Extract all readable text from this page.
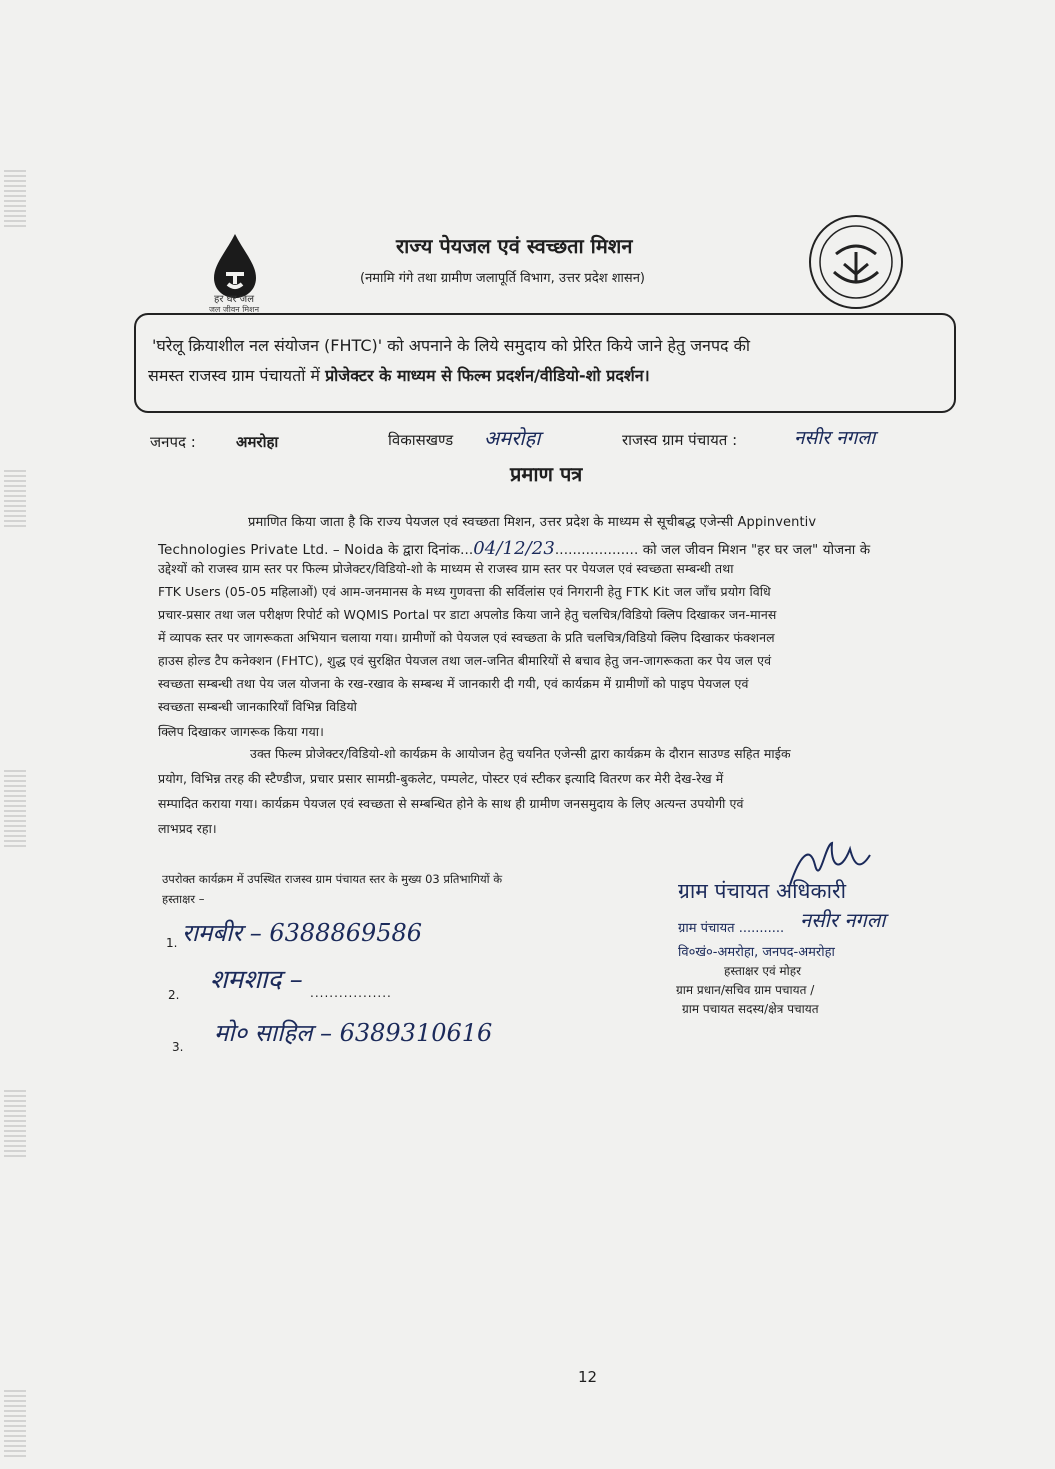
हर घर जल
जल जीवन मिशन
राज्य पेयजल एवं स्वच्छता मिशन
(नमामि गंगे तथा ग्रामीण जलापूर्ति विभाग, उत्तर प्रदेश शासन)
'घरेलू क्रियाशील नल संयोजन (FHTC)' को अपनाने के लिये समुदाय को प्रेरित किये जाने हेतु जनपद की
समस्त राजस्व ग्राम पंचायतों में प्रोजेक्टर के माध्यम से फिल्म प्रदर्शन/वीडियो-शो प्रदर्शन।
जनपद :	अमरोहा	विकासखण्ड अमरोहा	राजस्व ग्राम पंचायत :	नसीर नगला
प्रमाण पत्र
प्रमाणित किया जाता है कि राज्य पेयजल एवं स्वच्छता मिशन, उत्तर प्रदेश के माध्यम से सूचीबद्ध एजेन्सी Appinventiv
Technologies Private Ltd. – Noida के द्वारा दिनांक...04/12/23................... को जल जीवन मिशन "हर घर जल" योजना के
उद्देश्यों को राजस्व ग्राम स्तर पर फिल्म प्रोजेक्टर/विडियो-शो के माध्यम से राजस्व ग्राम स्तर पर पेयजल एवं स्वच्छता सम्बन्धी तथा
FTK Users (05-05 महिलाओं) एवं आम-जनमानस के मध्य गुणवत्ता की सर्विलांस एवं निगरानी हेतु FTK Kit जल जाँच प्रयोग विधि
प्रचार-प्रसार तथा जल परीक्षण रिपोर्ट को WQMIS Portal पर डाटा अपलोड किया जाने हेतु चलचित्र/विडियो क्लिप दिखाकर जन-मानस
में व्यापक स्तर पर जागरूकता अभियान चलाया गया। ग्रामीणों को पेयजल एवं स्वच्छता के प्रति चलचित्र/विडियो क्लिप दिखाकर फंक्शनल
हाउस होल्ड टैप कनेक्शन (FHTC), शुद्ध एवं सुरक्षित पेयजल तथा जल-जनित बीमारियों से बचाव हेतु जन-जागरूकता कर पेय जल एवं
स्वच्छता सम्बन्धी तथा पेय जल योजना के रख-रखाव के सम्बन्ध में जानकारी दी गयी, एवं कार्यक्रम में ग्रामीणों को पाइप पेयजल एवं
स्वच्छता सम्बन्धी जानकारियाँ विभिन्न विडियो
क्लिप दिखाकर जागरूक किया गया।
उक्त फिल्म प्रोजेक्टर/विडियो-शो कार्यक्रम के आयोजन हेतु चयनित एजेन्सी द्वारा कार्यक्रम के दौरान साउण्ड सहित माईक
प्रयोग, विभिन्न तरह की स्टैण्डीज, प्रचार प्रसार सामग्री-बुकलेट, पम्पलेट, पोस्टर एवं स्टीकर इत्यादि वितरण कर मेरी देख-रेख में
सम्पादित कराया गया। कार्यक्रम पेयजल एवं स्वच्छता से सम्बन्धित होने के साथ ही ग्रामीण जनसमुदाय के लिए अत्यन्त उपयोगी एवं
लाभप्रद रहा।
उपरोक्त कार्यक्रम में उपस्थित राजस्व ग्राम पंचायत स्तर के मुख्य 03 प्रतिभागियों के
हस्ताक्षर –
1. रामबीर – 6388869586
2. शमशाद – .................
3. मो० साहिल – 6389310616
ग्राम पंचायत अधिकारी
ग्राम पंचायत ........... नसीर नगला
वि०खं०-अमरोहा, जनपद-अमरोहा
हस्ताक्षर एवं मोहर
ग्राम प्रधान/सचिव ग्राम पचायत /
ग्राम पचायत सदस्य/क्षेत्र पचायत
12
